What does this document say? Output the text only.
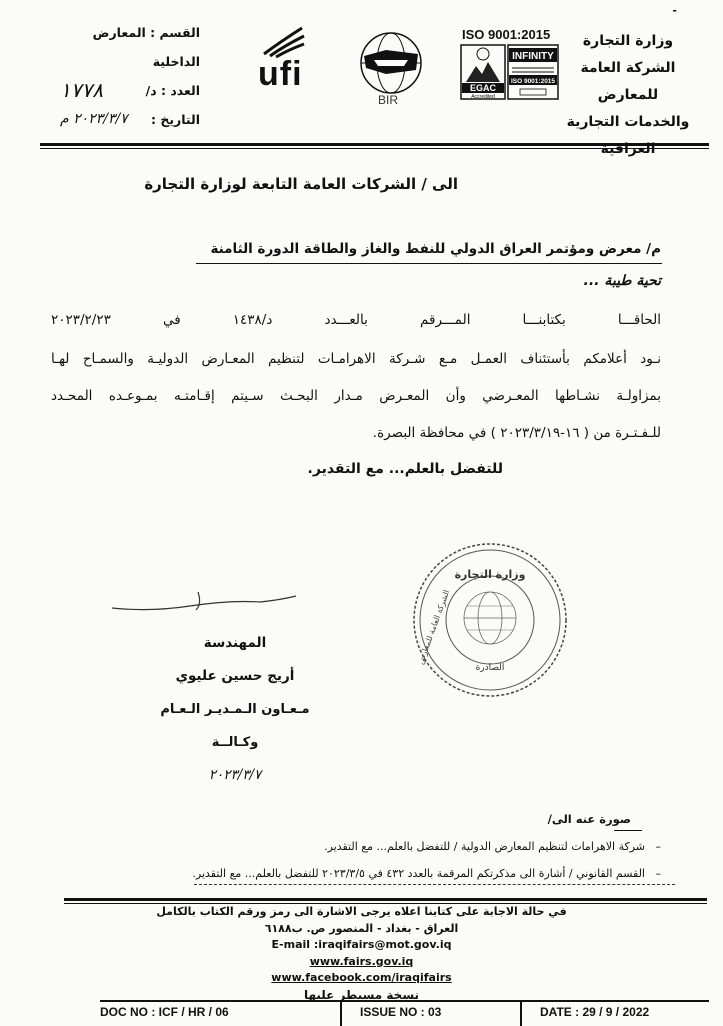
-
وزارة التجارة
الشركة العامة للمعارض
والخدمات التجارية العراقية
القسم : المعارض الداخلية
العدد : د/
١٧٧٨
التاريخ :
٢٠٢٣/٣/٧ م
ISO 9001:2015
EGAC
Accredited
INFINITY
ISO 9001:2015
BIR
ufi
الى / الشركات العامة التابعة لوزارة التجارة
م/ معرض ومؤتمر العراق الدولي للنفط والغاز والطاقة الدورة الثامنة
تحية طيبة ...
الحاقـــا بكتابنـــا المـــرقم بالعـــدد د/١٤٣٨ في ٢٠٢٣/٢/٢٣
نـود أعلامكم بأستئناف العمـل مـع شـركة الاهرامـات لتنظيم المعـارض الدوليـة والسمـاح لهـا
بمزاولـة نشـاطها المعـرضي وأن المعـرض مـدار البحـث سـيتم إقـامتـه بمـوعـده المحـدد
للـفـتـرة من ( ١٦-٢٠٢٣/٣/١٩ ) في محافظة البصرة.
للتفضل بالعلم... مع التقدير.
وزارة التجارة
الصادرة
الشركة العامة للمعارض
المهندسة
أريج حسين عليوي
مـعـاون الـمـديـر الـعـام وكـالــة
٢٠٢٣/٣/٧
صورة عنه الى/
–   شركة الاهرامات لتنظيم المعارض الدولية / للتفضل بالعلم... مع التقدير.
–   القسم القانوني / أشارة الى مذكرتكم المرقمة بالعدد ٤٣٢ في ٢٠٢٣/٣/٥ للتفضل بالعلم... مع التقدير.
في حالة الاجابة على كتابنا اعلاه يرجى الاشارة الى رمز ورقم الكتاب بالكامل
العراق - بغداد - المنصور ص. ب٦١٨٨
E-mail :iraqifairs@mot.gov.iq
www.fairs.gov.iq
www.facebook.com/iraqifairs
نسخة مسيطر عليها
DOC NO : ICF / HR / 06	ISSUE NO : 03	DATE : 29 / 9 / 2022
